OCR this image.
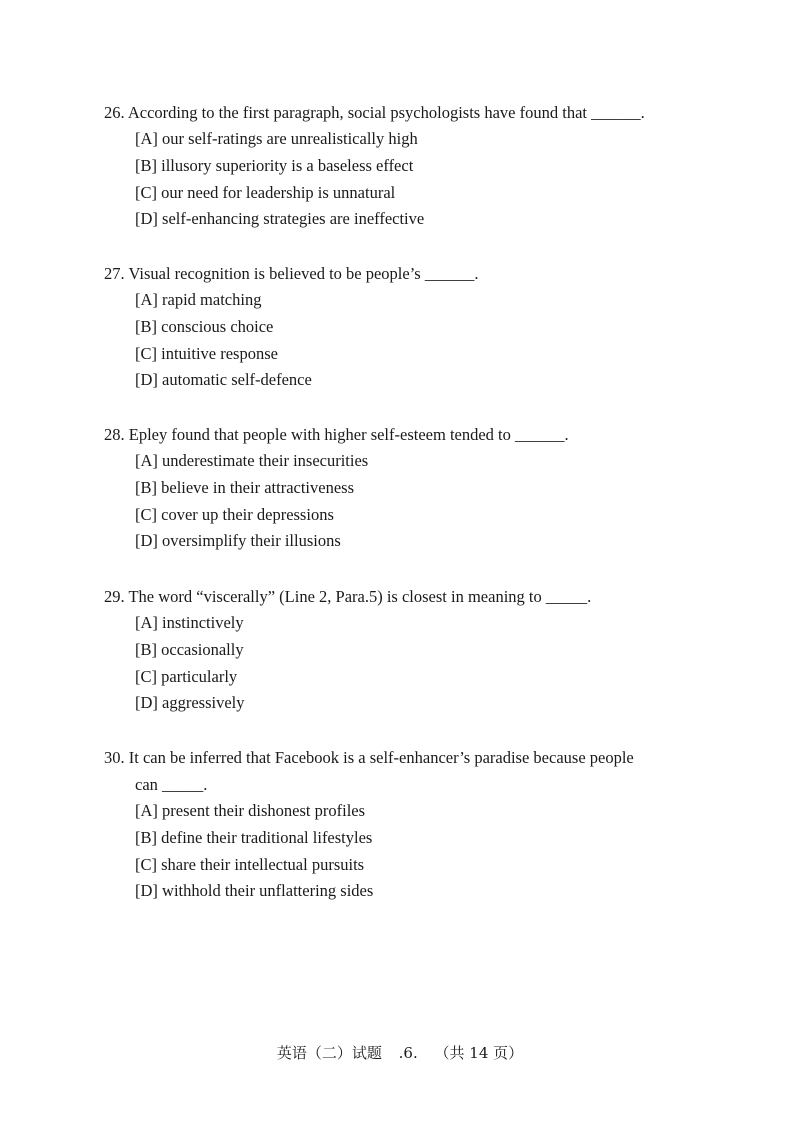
26. According to the first paragraph, social psychologists have found that ______.

[A] our self-ratings are unrealistically high

[B] illusory superiority is a baseless effect

[C] our need for leadership is unnatural

[D] self-enhancing strategies are ineffective

27. Visual recognition is believed to be people’s ______.

[A] rapid matching

[B] conscious choice

[C] intuitive response

[D] automatic self-defence

28. Epley found that people with higher self-esteem tended to ______.

[A] underestimate their insecurities

[B] believe in their attractiveness

[C] cover up their depressions

[D] oversimplify their illusions

29. The word “viscerally” (Line 2, Para.5) is closest in meaning to _____.

[A] instinctively

[B] occasionally

[C] particularly

[D] aggressively

30. It can be inferred that Facebook is a self-enhancer’s paradise because people

can _____.

[A] present their dishonest profiles

[B] define their traditional lifestyles

[C] share their intellectual pursuits

[D] withhold their unflattering sides

英语（二）试题 .6. （共 14 页）
